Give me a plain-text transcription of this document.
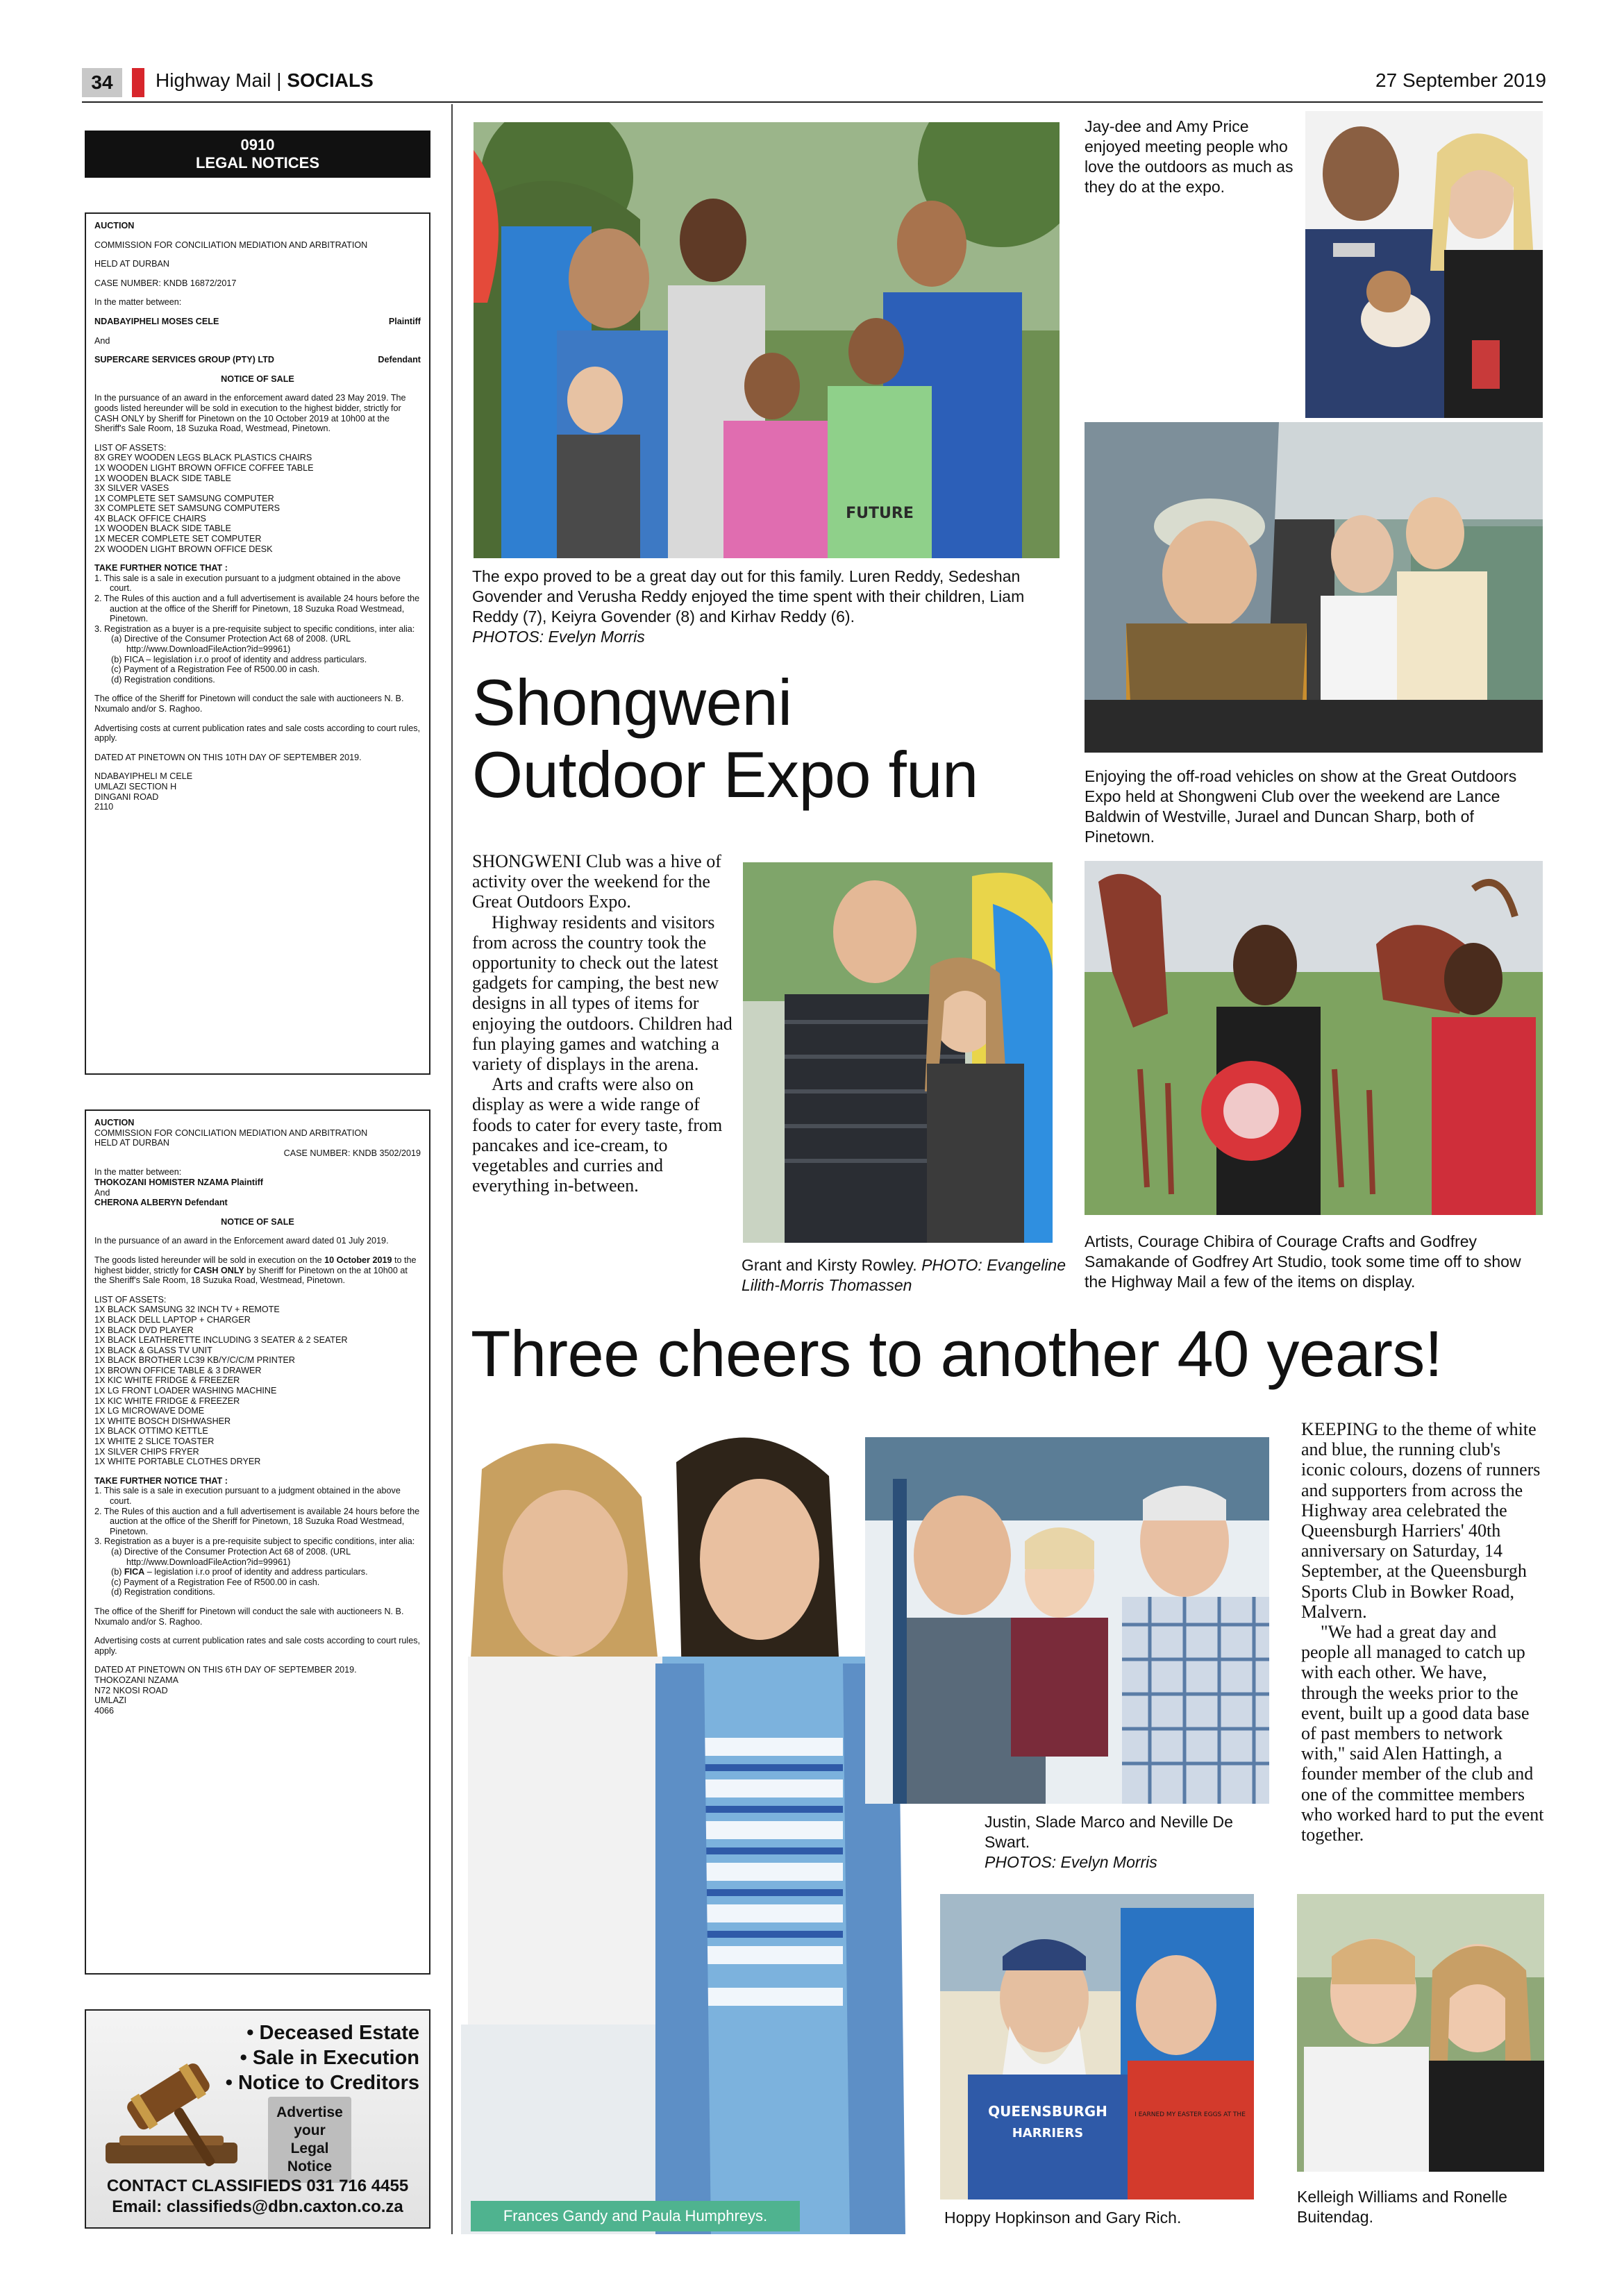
34	Highway Mail | SOCIALS	27 September 2019
0910
LEGAL NOTICES
AUCTION
COMMISSION FOR CONCILIATION MEDIATION AND ARBITRATION
HELD AT DURBAN
CASE NUMBER: KNDB 16872/2017
In the matter between:
NDABAYIPHELI MOSES CELE	Plaintiff
And
SUPERCARE SERVICES GROUP (PTY) LTD	Defendant
NOTICE OF SALE
In the pursuance of an award in the enforcement award dated 23 May 2019. The goods listed hereunder will be sold in execution to the highest bidder, strictly for CASH ONLY by Sheriff for Pinetown on the 10 October 2019 at 10h00 at the Sheriff's Sale Room, 18 Suzuka Road, Westmead, Pinetown.
LIST OF ASSETS:
8X GREY WOODEN LEGS BLACK PLASTICS CHAIRS
1X WOODEN LIGHT BROWN OFFICE COFFEE TABLE
1X WOODEN BLACK SIDE TABLE
3X SILVER VASES
1X COMPLETE SET SAMSUNG COMPUTER
3X COMPLETE SET SAMSUNG COMPUTERS
4X BLACK OFFICE CHAIRS
1X WOODEN BLACK SIDE TABLE
1X MECER COMPLETE SET COMPUTER
2X WOODEN LIGHT BROWN OFFICE DESK
TAKE FURTHER NOTICE THAT :
1. This sale is a sale in execution pursuant to a judgment obtained in the above court.
2. The Rules of this auction and a full advertisement is available 24 hours before the auction at the office of the Sheriff for Pinetown, 18 Suzuka Road Westmead, Pinetown.
3. Registration as a buyer is a pre-requisite subject to specific conditions, inter alia:
(a) Directive of the Consumer Protection Act 68 of 2008. (URL http://www.DownloadFileAction?id=99961)
(b) FICA – legislation i.r.o proof of identity and address particulars.
(c) Payment of a Registration Fee of R500.00 in cash.
(d) Registration conditions.
The office of the Sheriff for Pinetown will conduct the sale with auctioneers N. B. Nxumalo and/or S. Raghoo.
Advertising costs at current publication rates and sale costs according to court rules, apply.
DATED AT PINETOWN ON THIS 10TH DAY OF SEPTEMBER 2019.
NDABAYIPHELI M CELE
UMLAZI SECTION H
DINGANI ROAD
2110
AUCTION
COMMISSION FOR CONCILIATION MEDIATION AND ARBITRATION
HELD AT DURBAN
CASE NUMBER: KNDB 3502/2019
In the matter between:
THOKOZANI HOMISTER NZAMA Plaintiff
And
CHERONA ALBERYN Defendant
NOTICE OF SALE
In the pursuance of an award in the Enforcement award dated 01 July 2019.
The goods listed hereunder will be sold in execution on the 10 October 2019 to the highest bidder, strictly for CASH ONLY by Sheriff for Pinetown on the at 10h00 at the Sheriff's Sale Room, 18 Suzuka Road, Westmead, Pinetown.
LIST OF ASSETS:
1X BLACK SAMSUNG 32 INCH TV + REMOTE
1X BLACK DELL LAPTOP + CHARGER
1X BLACK DVD PLAYER
1X BLACK LEATHERETTE INCLUDING 3 SEATER & 2 SEATER
1X BLACK & GLASS TV UNIT
1X BLACK BROTHER LC39 KB/Y/C/C/M PRINTER
1X BROWN OFFICE TABLE & 3 DRAWER
1X KIC WHITE FRIDGE & FREEZER
1X LG FRONT LOADER WASHING MACHINE
1X KIC WHITE FRIDGE & FREEZER
1X LG MICROWAVE DOME
1X WHITE BOSCH DISHWASHER
1X BLACK OTTIMO KETTLE
1X WHITE 2 SLICE TOASTER
1X SILVER CHIPS FRYER
1X WHITE PORTABLE CLOTHES DRYER
TAKE FURTHER NOTICE THAT :
1. This sale is a sale in execution pursuant to a judgment obtained in the above court.
2. The Rules of this auction and a full advertisement is available 24 hours before the auction at the office of the Sheriff for Pinetown, 18 Suzuka Road Westmead, Pinetown.
3. Registration as a buyer is a pre-requisite subject to specific conditions, inter alia:
(a) Directive of the Consumer Protection Act 68 of 2008. (URL http://www.DownloadFileAction?id=99961)
(b) FICA – legislation i.r.o proof of identity and address particulars.
(c) Payment of a Registration Fee of R500.00 in cash.
(d) Registration conditions.
The office of the Sheriff for Pinetown will conduct the sale with auctioneers N. B. Nxumalo and/or S. Raghoo.
Advertising costs at current publication rates and sale costs according to court rules, apply.
DATED AT PINETOWN ON THIS 6TH DAY OF SEPTEMBER 2019.
THOKOZANI NZAMA
N72 NKOSI ROAD
UMLAZI
4066
• Deceased Estate
• Sale in Execution
• Notice to Creditors
Advertise
your
Legal
Notice
CONTACT CLASSIFIEDS 031 716 4455
Email: classifieds@dbn.caxton.co.za
FUTURE
The expo proved to be a great day out for this family. Luren Reddy, Sedeshan Govender and Verusha Reddy enjoyed the time spent with their children, Liam Reddy (7), Keiyra Govender (8) and Kirhav Reddy (6).
PHOTOS: Evelyn Morris
Jay-dee and Amy Price enjoyed meeting people who love the outdoors as much as they do at the expo.
Enjoying the off-road vehicles on show at the Great Outdoors Expo held at Shongweni Club over the weekend are Lance Baldwin of Westville, Jurael and Duncan Sharp, both of Pinetown.
Shongweni
Outdoor Expo fun
SHONGWENI Club was a hive of activity over the weekend for the Great Outdoors Expo.
Highway residents and visitors from across the country took the opportunity to check out the latest gadgets for camping, the best new designs in all types of items for enjoying the outdoors. Children had fun playing games and watching a variety of displays in the arena.
Arts and crafts were also on display as were a wide range of foods to cater for every taste, from pancakes and ice-cream, to vegetables and curries and everything in-between.
Grant and Kirsty Rowley. PHOTO: Evangeline Lilith-Morris Thomassen
Artists, Courage Chibira of Courage Crafts and Godfrey Samakande of Godfrey Art Studio, took some time off to show the Highway Mail a few of the items on display.
Three cheers to another 40 years!
Frances Gandy and Paula Humphreys.
Justin, Slade Marco and Neville De Swart.
PHOTOS: Evelyn Morris
KEEPING to the theme of white and blue, the running club's iconic colours, dozens of runners and supporters from across the Highway area celebrated the Queensburgh Harriers' 40th anniversary on Saturday, 14 September, at the Queensburgh Sports Club in Bowker Road, Malvern.
"We had a great day and people all managed to catch up with each other. We have, through the weeks prior to the event, built up a good data base of past members to network with," said Alen Hattingh, a founder member of the club and one of the committee members who worked hard to put the event together.
QUEENSBURGH
HARRIERS
I EARNED MY EASTER EGGS AT THE
Hoppy Hopkinson and Gary Rich.
Kelleigh Williams and Ronelle Buitendag.
